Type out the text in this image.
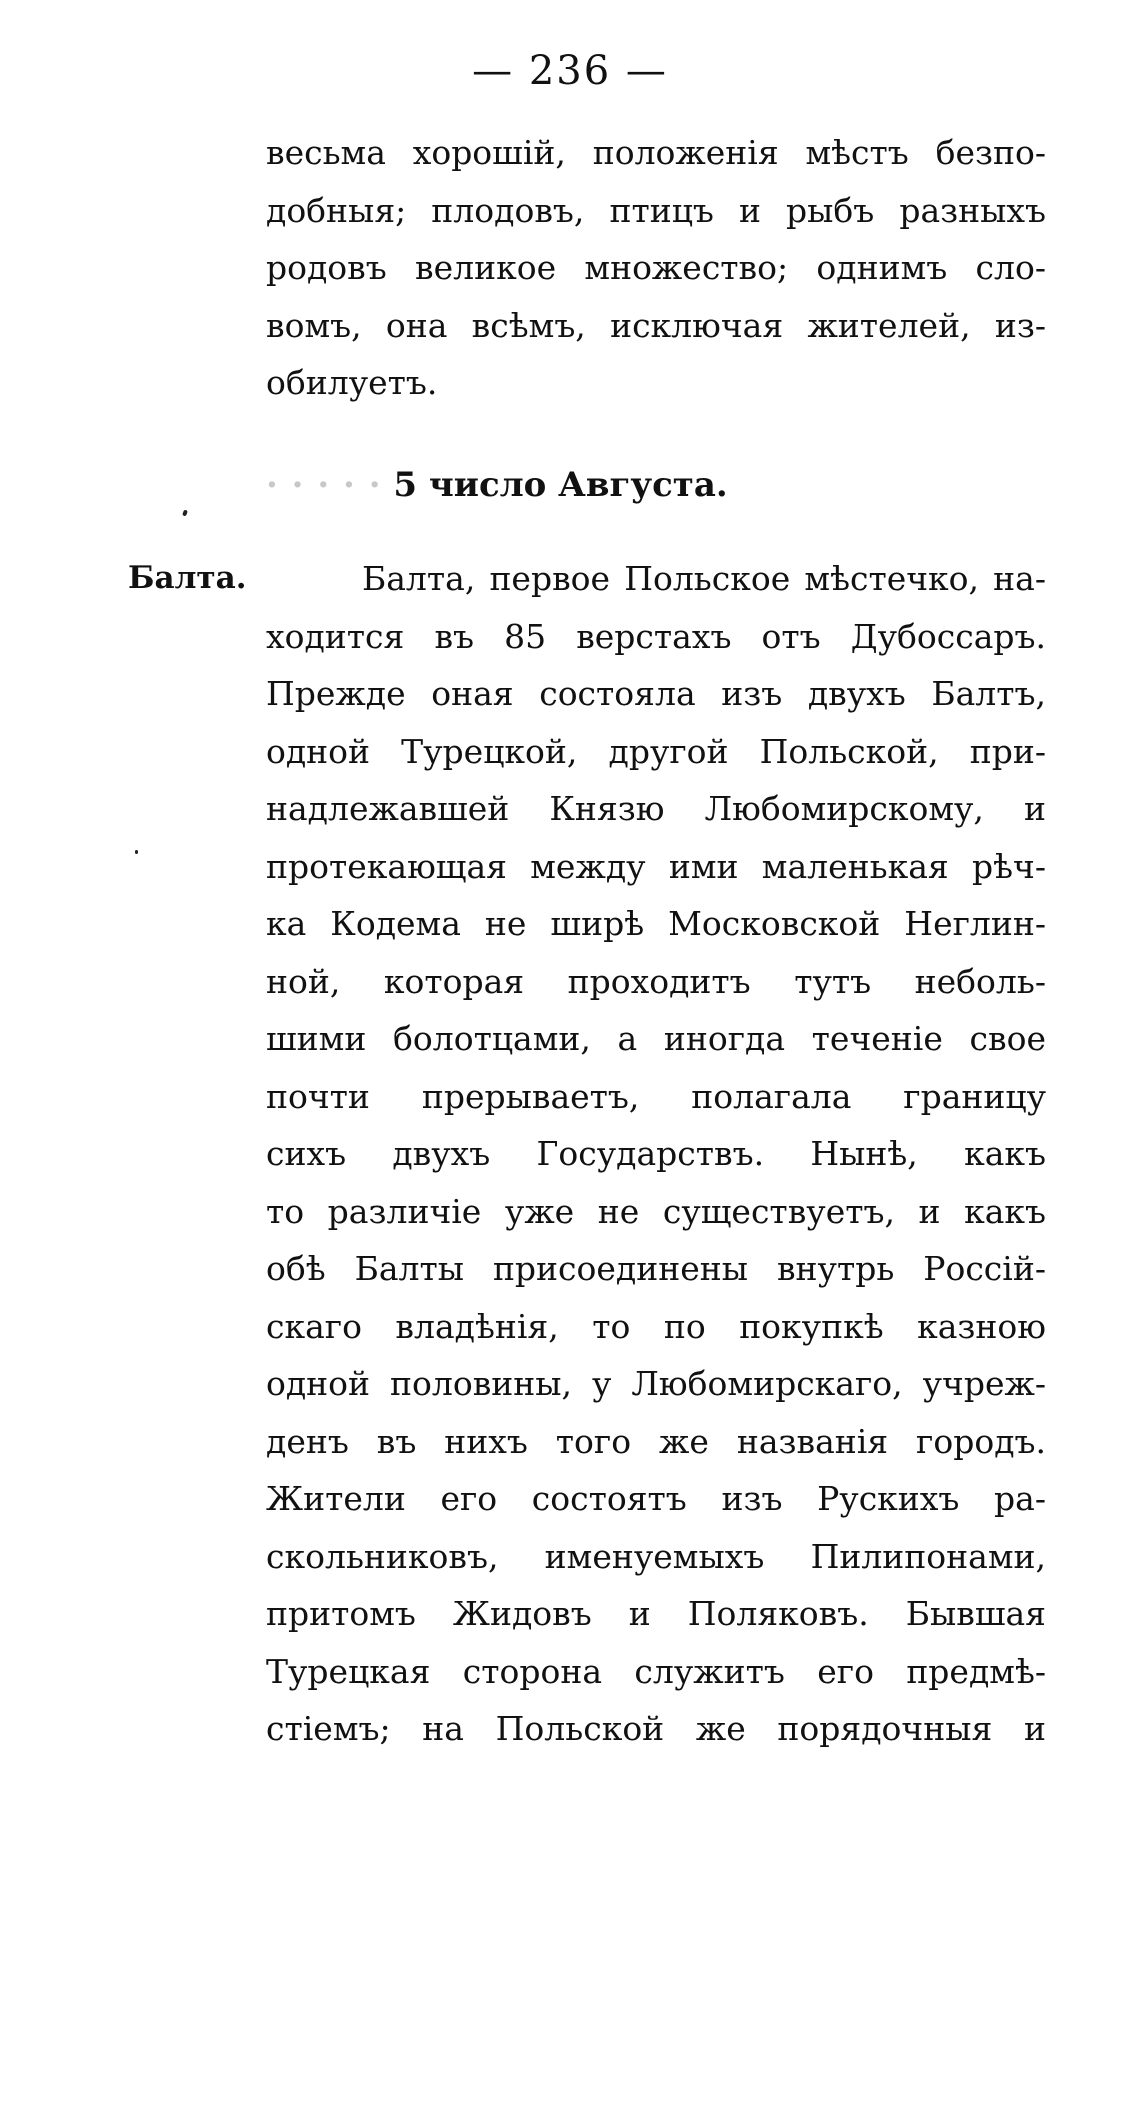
— 236 —
весьма хорошій, положенія мѣстъ безпо-
добныя; плодовъ, птицъ и рыбъ разныхъ
родовъ великое множество; однимъ сло-
вомъ, она всѣмъ, исключая жителей, из-
обилуетъ.
· · · · · 5 число Августа.
Балта.	Балта, первое Польское мѣстечко, на-
ходится въ 85 верстахъ отъ Дубоссаръ.
Прежде оная состояла изъ двухъ Балтъ,
одной Турецкой, другой Польской, при-
надлежавшей Князю Любомирскому, и
протекающая между ими маленькая рѣч-
ка Кодема не ширѣ Московской Неглин-
ной, которая проходитъ тутъ неболь-
шими болотцами, а иногда теченіе свое
почти прерываетъ, полагала границу
сихъ двухъ Государствъ. Нынѣ, какъ
то различіе уже не существуетъ, и какъ
обѣ Балты присоединены внутрь Россій-
скаго владѣнія, то по покупкѣ казною
одной половины, у Любомирскаго, учреж-
денъ въ нихъ того же названія городъ.
Жители его состоятъ изъ Рускихъ ра-
скольниковъ, именуемыхъ Пилипонами,
притомъ Жидовъ и Поляковъ. Бывшая
Турецкая сторона служитъ его предмѣ-
стіемъ; на Польской же порядочныя и
